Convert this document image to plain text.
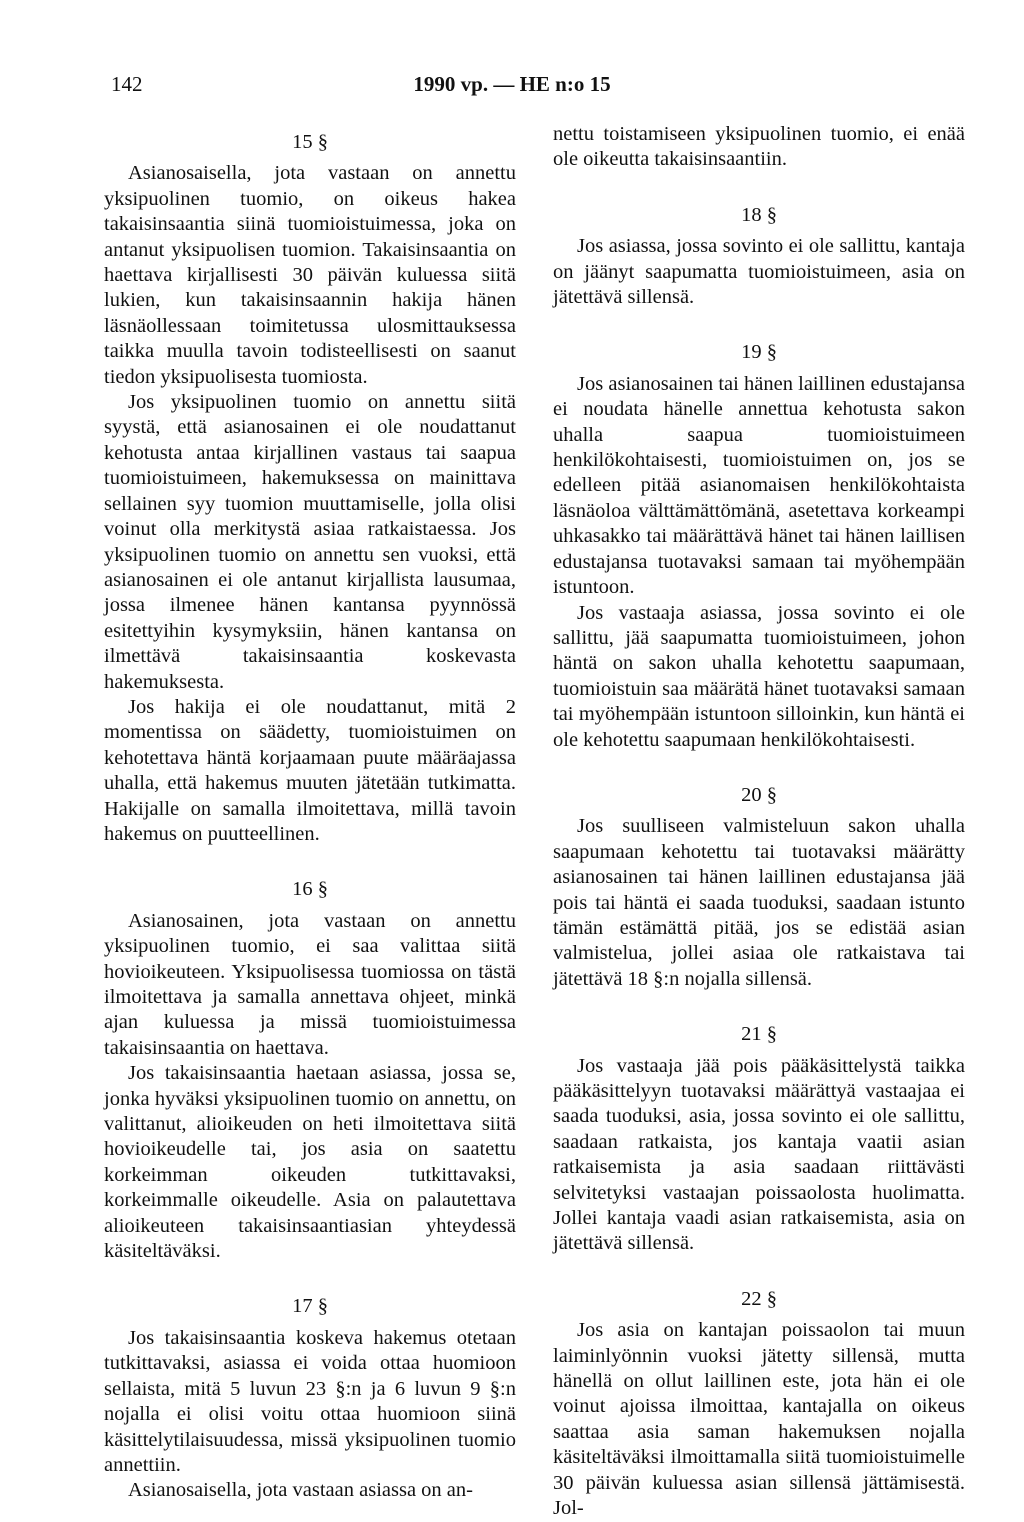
142	1990 vp. — HE n:o 15
15 §

Asianosaisella, jota vastaan on annettu yksipuolinen tuomio, on oikeus hakea takaisinsaantia siinä tuomioistuimessa, joka on antanut yksipuolisen tuomion. Takaisinsaantia on haettava kirjallisesti 30 päivän kuluessa siitä lukien, kun takaisinsaannin hakija hänen läsnäollessaan toimitetussa ulosmittauksessa taikka muulla tavoin todisteellisesti on saanut tiedon yksipuolisesta tuomiosta.

Jos yksipuolinen tuomio on annettu siitä syystä, että asianosainen ei ole noudattanut kehotusta antaa kirjallinen vastaus tai saapua tuomioistuimeen, hakemuksessa on mainittava sellainen syy tuomion muuttamiselle, jolla olisi voinut olla merkitystä asiaa ratkaistaessa. Jos yksipuolinen tuomio on annettu sen vuoksi, että asianosainen ei ole antanut kirjallista lausumaa, jossa ilmenee hänen kantansa pyynnössä esitettyihin kysymyksiin, hänen kantansa on ilmettävä takaisinsaantia koskevasta hakemuksesta.

Jos hakija ei ole noudattanut, mitä 2 momentissa on säädetty, tuomioistuimen on kehotettava häntä korjaamaan puute määräajassa uhalla, että hakemus muuten jätetään tutkimatta. Hakijalle on samalla ilmoitettava, millä tavoin hakemus on puutteellinen.

16 §

Asianosainen, jota vastaan on annettu yksipuolinen tuomio, ei saa valittaa siitä hovioikeuteen. Yksipuolisessa tuomiossa on tästä ilmoitettava ja samalla annettava ohjeet, minkä ajan kuluessa ja missä tuomioistuimessa takaisinsaantia on haettava.

Jos takaisinsaantia haetaan asiassa, jossa se, jonka hyväksi yksipuolinen tuomio on annettu, on valittanut, alioikeuden on heti ilmoitettava siitä hovioikeudelle tai, jos asia on saatettu korkeimman oikeuden tutkittavaksi, korkeimmalle oikeudelle. Asia on palautettava alioikeuteen takaisinsaantiasian yhteydessä käsiteltäväksi.

17 §

Jos takaisinsaantia koskeva hakemus otetaan tutkittavaksi, asiassa ei voida ottaa huomioon sellaista, mitä 5 luvun 23 §:n ja 6 luvun 9 §:n nojalla ei olisi voitu ottaa huomioon siinä käsittelytilaisuudessa, missä yksipuolinen tuomio annettiin.

Asianosaisella, jota vastaan asiassa on an-

nettu toistamiseen yksipuolinen tuomio, ei enää ole oikeutta takaisinsaantiin.

18 §

Jos asiassa, jossa sovinto ei ole sallittu, kantaja on jäänyt saapumatta tuomioistuimeen, asia on jätettävä sillensä.

19 §

Jos asianosainen tai hänen laillinen edustajansa ei noudata hänelle annettua kehotusta sakon uhalla saapua tuomioistuimeen henkilökohtaisesti, tuomioistuimen on, jos se edelleen pitää asianomaisen henkilökohtaista läsnäoloa välttämättömänä, asetettava korkeampi uhkasakko tai määrättävä hänet tai hänen laillisen edustajansa tuotavaksi samaan tai myöhempään istuntoon.

Jos vastaaja asiassa, jossa sovinto ei ole sallittu, jää saapumatta tuomioistuimeen, johon häntä on sakon uhalla kehotettu saapumaan, tuomioistuin saa määrätä hänet tuotavaksi samaan tai myöhempään istuntoon silloinkin, kun häntä ei ole kehotettu saapumaan henkilökohtaisesti.

20 §

Jos suulliseen valmisteluun sakon uhalla saapumaan kehotettu tai tuotavaksi määrätty asianosainen tai hänen laillinen edustajansa jää pois tai häntä ei saada tuoduksi, saadaan istunto tämän estämättä pitää, jos se edistää asian valmistelua, jollei asiaa ole ratkaistava tai jätettävä 18 §:n nojalla sillensä.

21 §

Jos vastaaja jää pois pääkäsittelystä taikka pääkäsittelyyn tuotavaksi määrättyä vastaajaa ei saada tuoduksi, asia, jossa sovinto ei ole sallittu, saadaan ratkaista, jos kantaja vaatii asian ratkaisemista ja asia saadaan riittävästi selvitetyksi vastaajan poissaolosta huolimatta. Jollei kantaja vaadi asian ratkaisemista, asia on jätettävä sillensä.

22 §

Jos asia on kantajan poissaolon tai muun laiminlyönnin vuoksi jätetty sillensä, mutta hänellä on ollut laillinen este, jota hän ei ole voinut ajoissa ilmoittaa, kantajalla on oikeus saattaa asia saman hakemuksen nojalla käsiteltäväksi ilmoittamalla siitä tuomioistuimelle 30 päivän kuluessa asian sillensä jättämisestä. Jol-
